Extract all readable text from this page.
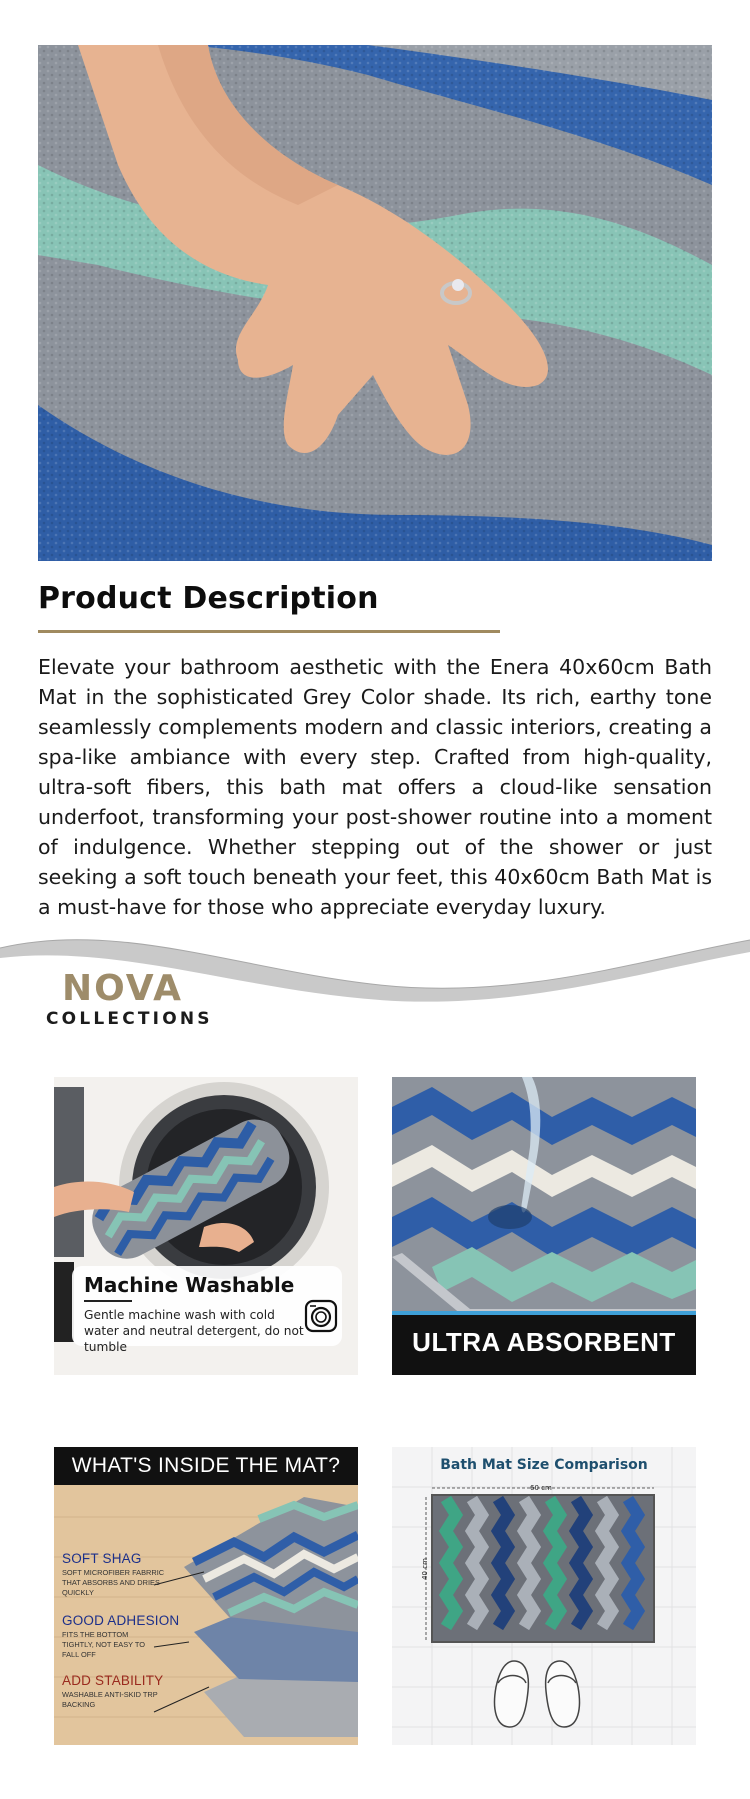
Product Description
Elevate your bathroom aesthetic with the Enera 40x60cm Bath Mat in the sophisticated Grey Color shade. Its rich, earthy tone seamlessly complements modern and classic interiors, creating a spa-like ambiance with every step. Crafted from high-quality, ultra-soft fibers, this bath mat offers a cloud-like sensation underfoot, transforming your post-shower routine into a moment of indulgence. Whether stepping out of the shower or just seeking a soft touch beneath your feet, this 40x60cm Bath Mat is a must-have for those who appreciate everyday luxury.
NOVA
COLLECTIONS
Machine Washable
Gentle machine wash with cold water and neutral detergent, do not tumble	ULTRA ABSORBENT
WHAT'S INSIDE THE MAT?
SOFT SHAG
SOFT MICROFIBER FABRRIC THAT ABSORBS AND DRIES QUICKLY
GOOD ADHESION
FITS THE BOTTOM TIGHTLY, NOT EASY TO FALL OFF
ADD STABILITY
WASHABLE ANTI-SKID TRP BACKING
Bath Mat Size Comparison
60 cm
40 cm
